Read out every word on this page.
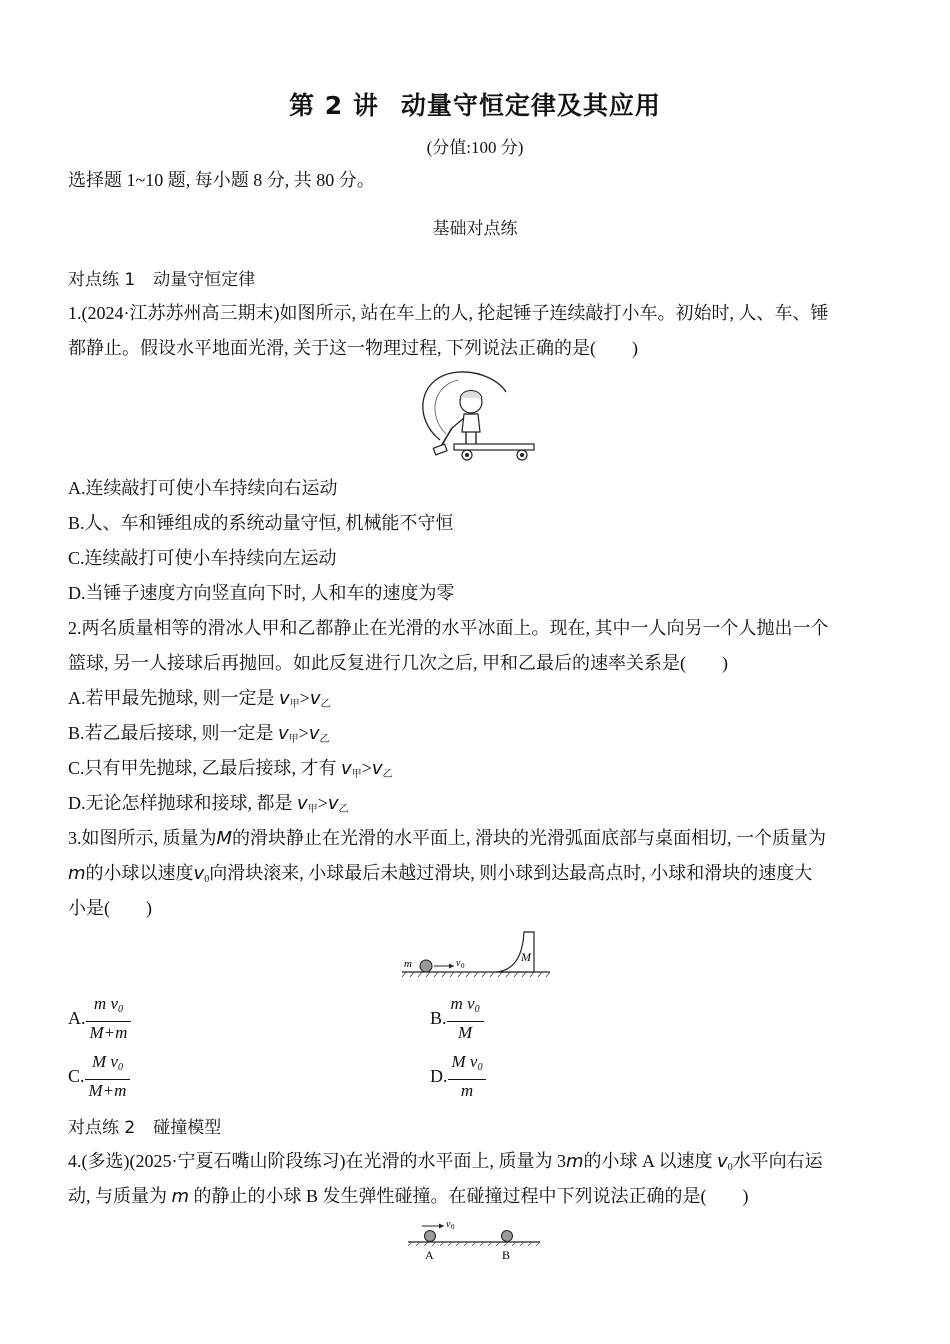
第 2 讲 动量守恒定律及其应用
(分值:100 分)
选择题 1~10 题, 每小题 8 分, 共 80 分。
基础对点练
对点练 1 动量守恒定律
1.(2024·江苏苏州高三期末)如图所示, 站在车上的人, 抡起锤子连续敲打小车。初始时, 人、车、锤
都静止。假设水平地面光滑, 关于这一物理过程, 下列说法正确的是( )
A.连续敲打可使小车持续向右运动
B.人、车和锤组成的系统动量守恒, 机械能不守恒
C.连续敲打可使小车持续向左运动
D.当锤子速度方向竖直向下时, 人和车的速度为零
2.两名质量相等的滑冰人甲和乙都静止在光滑的水平冰面上。现在, 其中一人向另一个人抛出一个
篮球, 另一人接球后再抛回。如此反复进行几次之后, 甲和乙最后的速率关系是( )
A.若甲最先抛球, 则一定是 $v_甲>v_乙$
B.若乙最后接球, 则一定是 $v_甲>v_乙$
C.只有甲先抛球, 乙最后接球, 才有 $v_甲>v_乙$
D.无论怎样抛球和接球, 都是 $v_甲>v_乙$
3.如图所示, 质量为M的滑块静止在光滑的水平面上, 滑块的光滑弧面底部与桌面相切, 一个质量为
m的小球以速度$v_0$向滑块滚来, 小球最后未越过滑块, 则小球到达最高点时, 小球和滑块的速度大
小是( )
m	v 0
M
A. $\frac{m v_0}{M+m}$	B. $\frac{m v_0}{M}$
C. $\frac{M v_0}{M+m}$	D. $\frac{M v_0}{m}$
对点练 2 碰撞模型
4.(多选)(2025·宁夏石嘴山阶段练习)在光滑的水平面上, 质量为 3m的小球 A 以速度 $v_0$水平向右运
动, 与质量为 m 的静止的小球 B 发生弹性碰撞。在碰撞过程中下列说法正确的是( )
v 0
A	B
